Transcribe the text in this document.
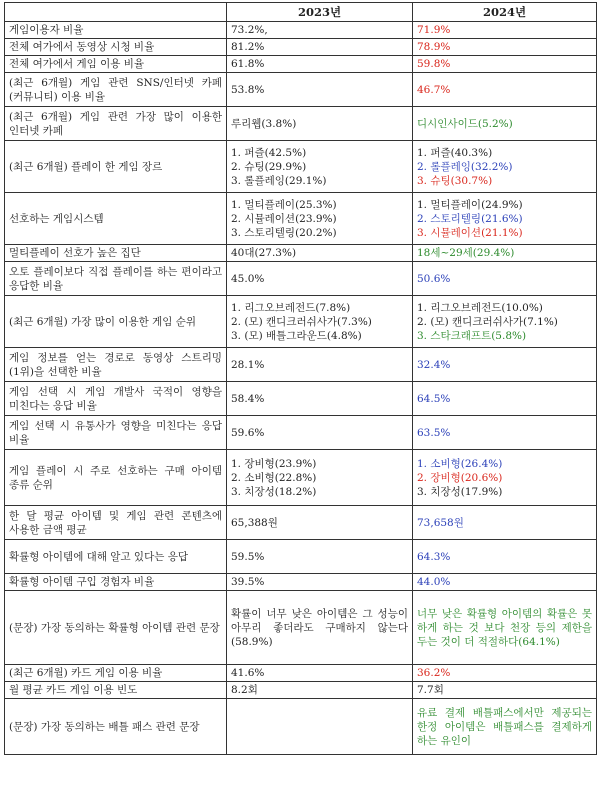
	2023년	2024년
게임이용자 비율	73.2%,	71.9%

전체 여가에서 동영상 시청 비율	81.2%	78.9%

전체 여가에서 게임 이용 비율	61.8%	59.8%

(최근 6개월) 게임 관련 SNS/인터넷 카페(커뮤니티) 이용 비율	53.8%	46.7%

(최근 6개월) 게임 관련 가장 많이 이용한 인터넷 카페	루리웹(3.8%)	디시인사이드(5.2%)

(최근 6개월) 플레이 한 게임 장르	1. 퍼즐(42.5%)
2. 슈팅(29.9%)
3. 롤플레잉(29.1%)	1. 퍼즐(40.3%)
2. 롤플레잉(32.2%)
3. 슈팅(30.7%)

선호하는 게임시스템	1. 멀티플레이(25.3%)
2. 시뮬레이션(23.9%)
3. 스토리텔링(20.2%)	1. 멀티플레이(24.9%)
2. 스토리텔링(21.6%)
3. 시뮬레이션(21.1%)

멀티플레이 선호가 높은 집단	40대(27.3%)	18세~29세(29.4%)

오토 플레이보다 직접 플레이를 하는 편이라고 응답한 비율	45.0%	50.6%

(최근 6개월) 가장 많이 이용한 게임 순위	1. 리그오브레전드(7.8%)
2. (모) 캔디크러쉬사가(7.3%)
3. (모) 배틀그라운드(4.8%)	1. 리그오브레전드(10.0%)
2. (모) 캔디크러쉬사가(7.1%)
3. 스타크래프트(5.8%)

게임 정보를 얻는 경로로 동영상 스트리밍(1위)을 선택한 비율	28.1%	32.4%

게임 선택 시 게임 개발사 국적이 영향을 미친다는 응답 비율	58.4%	64.5%

게임 선택 시 유통사가 영향을 미친다는 응답 비율	59.6%	63.5%

게임 플레이 시 주로 선호하는 구매 아이템 종류 순위	1. 장비형(23.9%)
2. 소비형(22.8%)
3. 치장성(18.2%)	1. 소비형(26.4%)
2. 장비형(20.6%)
3. 치장성(17.9%)

한 달 평균 아이템 및 게임 관련 콘텐츠에 사용한 금액 평균	65,388원	73,658원

확률형 아이템에 대해 알고 있다는 응답	59.5%	64.3%

확률형 아이템 구입 경험자 비율	39.5%	44.0%

(문장) 가장 동의하는 확률형 아이템 관련 문장	확률이 너무 낮은 아이템은 그 성능이 아무리 좋더라도 구매하지 않는다(58.9%)	너무 낮은 확률형 아이템의 확률은 못하게 하는 것 보다 천장 등의 제한을 두는 것이 더 적절하다(64.1%)

(최근 6개월) 카드 게임 이용 비율	41.6%	36.2%

월 평균 카드 게임 이용 빈도	8.2회	7.7회

(문장) 가장 동의하는 배틀 패스 관련 문장		유료 결제 배틀패스에서만 제공되는 한정 아이템은 배틀패스를 결제하게 하는 유인이
